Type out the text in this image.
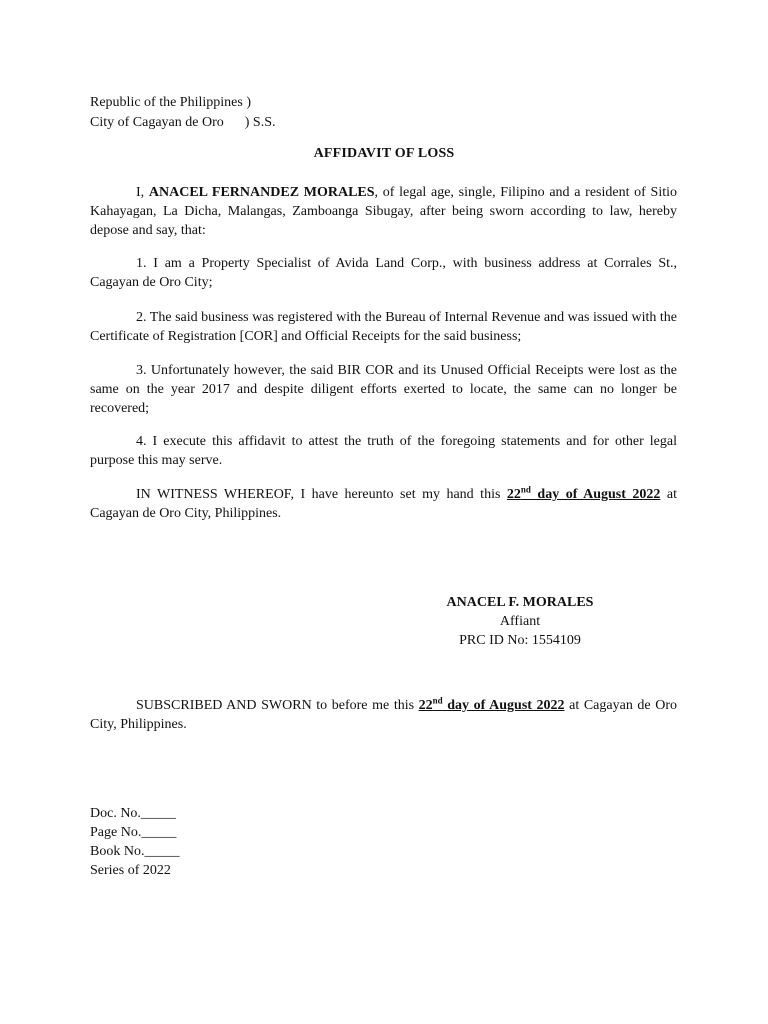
Republic of the Philippines )
City of Cagayan de Oro      ) S.S.
AFFIDAVIT OF LOSS
I, ANACEL FERNANDEZ MORALES, of legal age, single, Filipino and a resident of Sitio Kahayagan, La Dicha, Malangas, Zamboanga Sibugay, after being sworn according to law, hereby depose and say, that:
1. I am a Property Specialist of Avida Land Corp., with business address at Corrales St., Cagayan de Oro City;
2. The said business was registered with the Bureau of Internal Revenue and was issued with the Certificate of Registration [COR] and Official Receipts for the said business;
3. Unfortunately however, the said BIR COR and its Unused Official Receipts were lost as the same on the year 2017 and despite diligent efforts exerted to locate, the same can no longer be recovered;
4. I execute this affidavit to attest the truth of the foregoing statements and for other legal purpose this may serve.
IN WITNESS WHEREOF, I have hereunto set my hand this 22nd day of August 2022 at Cagayan de Oro City, Philippines.
ANACEL F. MORALES
Affiant
PRC ID No: 1554109
SUBSCRIBED AND SWORN to before me this 22nd day of August 2022 at Cagayan de Oro City, Philippines.
Doc. No._____
Page No._____
Book No._____
Series of 2022
